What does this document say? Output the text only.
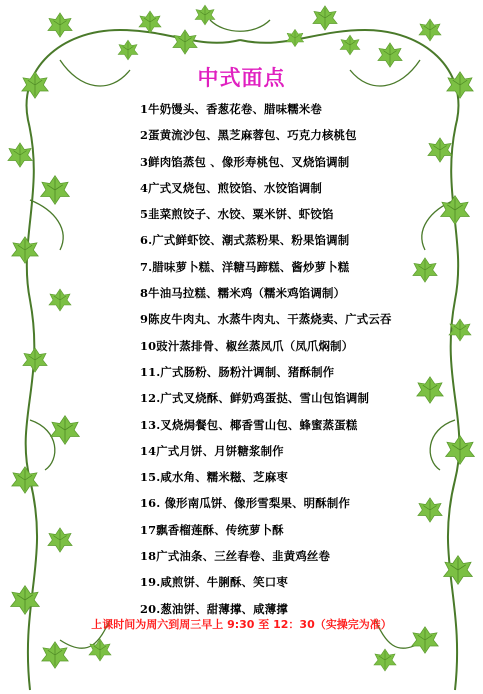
中式面点
1牛奶馒头、香葱花卷、腊味糯米卷
2蛋黄流沙包、黑芝麻蓉包、巧克力核桃包
3鲜肉馅蒸包 、像形寿桃包、叉烧馅调制
4广式叉烧包、煎饺馅、水饺馅调制
5韭菜煎饺子、水饺、粟米饼、虾饺馅
6.广式鲜虾饺、潮式蒸粉果、粉果馅调制
7.腊味萝卜糕、洋糖马蹄糕、酱炒萝卜糕
8牛油马拉糕、糯米鸡（糯米鸡馅调制）
9陈皮牛肉丸、水蒸牛肉丸、干蒸烧卖、广式云吞
10豉汁蒸排骨、椒丝蒸凤爪（凤爪焖制）
11.广式肠粉、肠粉汁调制、猪酥制作
12.广式叉烧酥、鲜奶鸡蛋挞、雪山包馅调制
13.叉烧焗餐包、椰香雪山包、蜂蜜蒸蛋糕
14广式月饼、月饼糖浆制作
15.咸水角、糯米糍、芝麻枣
16. 像形南瓜饼、像形雪梨果、明酥制作
17飘香榴莲酥、传统萝卜酥
18广式油条、三丝春卷、韭黄鸡丝卷
19.咸煎饼、牛脷酥、笑口枣
20.葱油饼、甜薄撑、咸薄撑
上课时间为周六到周三早上 9:30 至 12：30（实操完为准）
